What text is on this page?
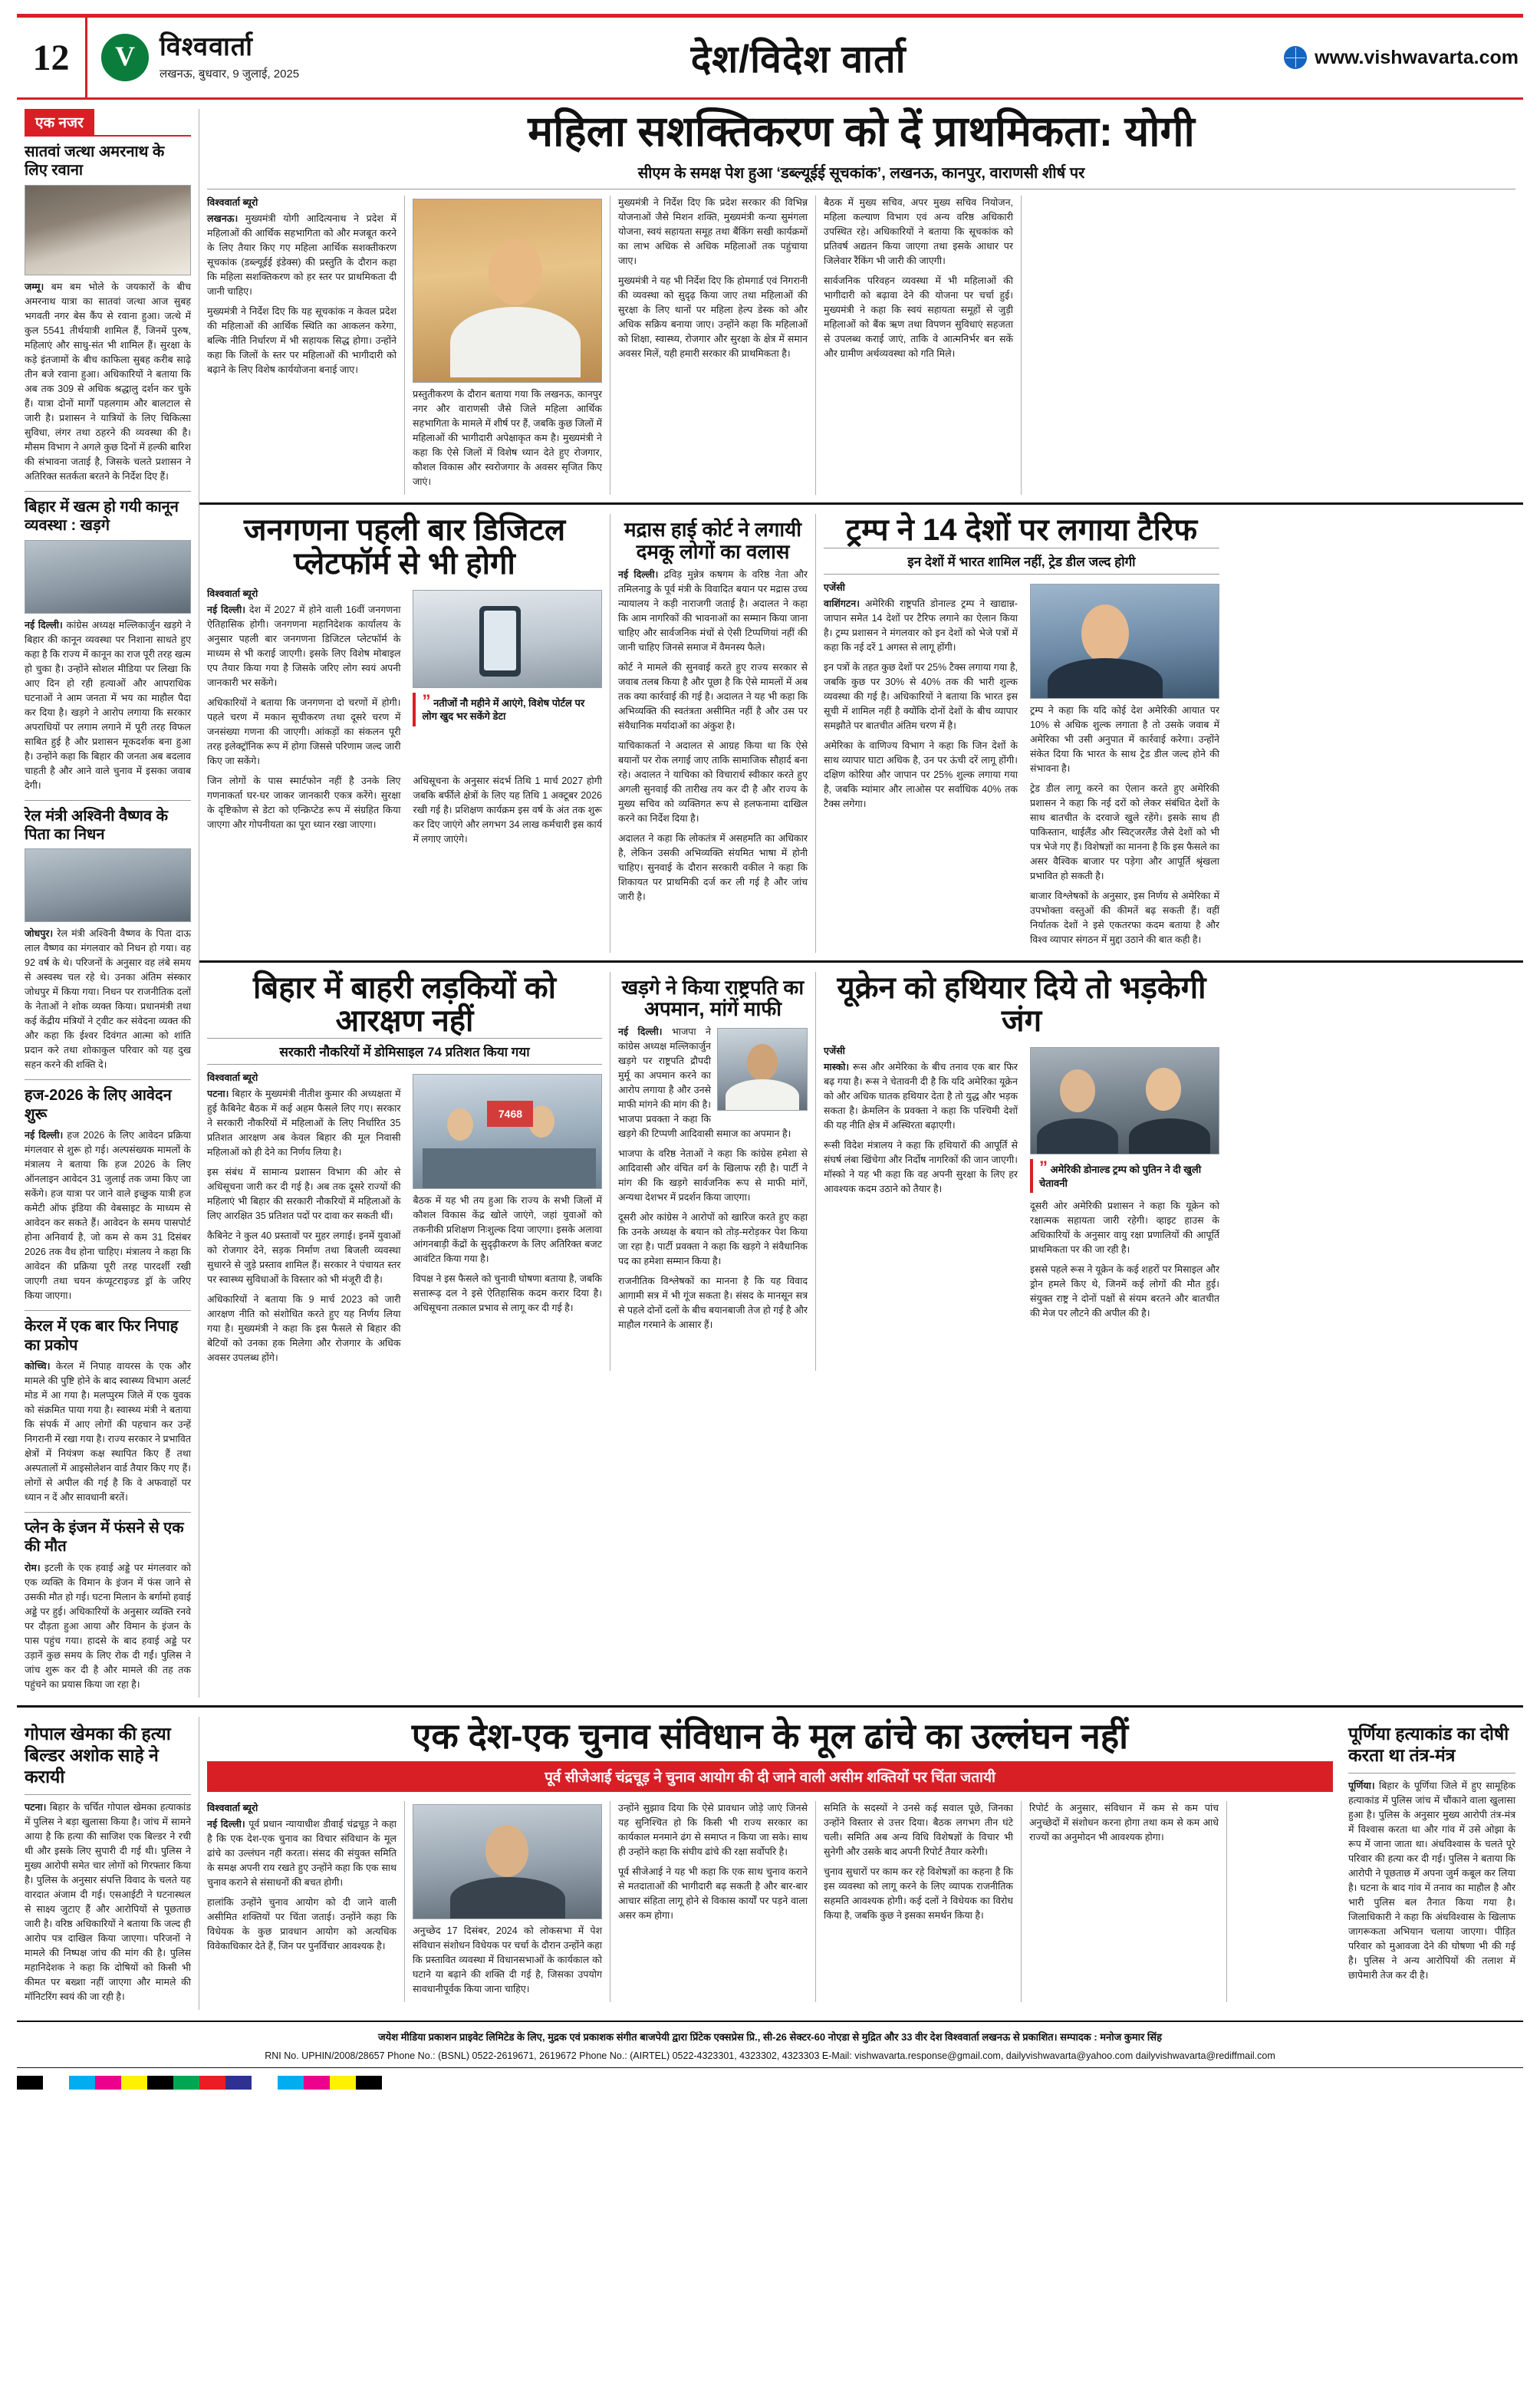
12 V विश्ववार्ता
लखनऊ, बुधवार, 9 जुलाई, 2025	देश/विदेश वार्ता	www.vishwavarta.com
एक नजर
सातवां जत्था अमरनाथ के लिए रवाना

जम्मू। बम बम भोले के जयकारों के बीच अमरनाथ यात्रा का सातवां जत्था आज सुबह भगवती नगर बेस कैंप से रवाना हुआ। जत्थे में कुल 5541 तीर्थयात्री शामिल हैं, जिनमें पुरुष, महिलाएं और साधु-संत भी शामिल हैं। सुरक्षा के कड़े इंतजामों के बीच काफिला सुबह करीब साढ़े तीन बजे रवाना हुआ। अधिकारियों ने बताया कि अब तक 309 से अधिक श्रद्धालु दर्शन कर चुके हैं। यात्रा दोनों मार्गों पहलगाम और बालटाल से जारी है। प्रशासन ने यात्रियों के लिए चिकित्सा सुविधा, लंगर तथा ठहरने की व्यवस्था की है। मौसम विभाग ने अगले कुछ दिनों में हल्की बारिश की संभावना जताई है, जिसके चलते प्रशासन ने अतिरिक्त सतर्कता बरतने के निर्देश दिए हैं।

बिहार में खत्म हो गयी कानून व्यवस्था : खड़गे

नई दिल्ली। कांग्रेस अध्यक्ष मल्लिकार्जुन खड़गे ने बिहार की कानून व्यवस्था पर निशाना साधते हुए कहा है कि राज्य में कानून का राज पूरी तरह खत्म हो चुका है। उन्होंने सोशल मीडिया पर लिखा कि आए दिन हो रही हत्याओं और आपराधिक घटनाओं ने आम जनता में भय का माहौल पैदा कर दिया है। खड़गे ने आरोप लगाया कि सरकार अपराधियों पर लगाम लगाने में पूरी तरह विफल साबित हुई है और प्रशासन मूकदर्शक बना हुआ है। उन्होंने कहा कि बिहार की जनता अब बदलाव चाहती है और आने वाले चुनाव में इसका जवाब देगी।

रेल मंत्री अश्विनी वैष्णव के पिता का निधन

जोधपुर। रेल मंत्री अश्विनी वैष्णव के पिता दाऊ लाल वैष्णव का मंगलवार को निधन हो गया। वह 92 वर्ष के थे। परिजनों के अनुसार वह लंबे समय से अस्वस्थ चल रहे थे। उनका अंतिम संस्कार जोधपुर में किया गया। निधन पर राजनीतिक दलों के नेताओं ने शोक व्यक्त किया। प्रधानमंत्री तथा कई केंद्रीय मंत्रियों ने ट्वीट कर संवेदना व्यक्त की और कहा कि ईश्वर दिवंगत आत्मा को शांति प्रदान करे तथा शोकाकुल परिवार को यह दुख सहन करने की शक्ति दे।

हज-2026 के लिए आवेदन शुरू

नई दिल्ली। हज 2026 के लिए आवेदन प्रक्रिया मंगलवार से शुरू हो गई। अल्पसंख्यक मामलों के मंत्रालय ने बताया कि हज 2026 के लिए ऑनलाइन आवेदन 31 जुलाई तक जमा किए जा सकेंगे। हज यात्रा पर जाने वाले इच्छुक यात्री हज कमेटी ऑफ इंडिया की वेबसाइट के माध्यम से आवेदन कर सकते हैं। आवेदन के समय पासपोर्ट होना अनिवार्य है, जो कम से कम 31 दिसंबर 2026 तक वैध होना चाहिए। मंत्रालय ने कहा कि आवेदन की प्रक्रिया पूरी तरह पारदर्शी रखी जाएगी तथा चयन कंप्यूटराइज्ड ड्रॉ के जरिए किया जाएगा।

केरल में एक बार फिर निपाह का प्रकोप

कोच्चि। केरल में निपाह वायरस के एक और मामले की पुष्टि होने के बाद स्वास्थ्य विभाग अलर्ट मोड में आ गया है। मलप्पुरम जिले में एक युवक को संक्रमित पाया गया है। स्वास्थ्य मंत्री ने बताया कि संपर्क में आए लोगों की पहचान कर उन्हें निगरानी में रखा गया है। राज्य सरकार ने प्रभावित क्षेत्रों में नियंत्रण कक्ष स्थापित किए हैं तथा अस्पतालों में आइसोलेशन वार्ड तैयार किए गए हैं। लोगों से अपील की गई है कि वे अफवाहों पर ध्यान न दें और सावधानी बरतें।

प्लेन के इंजन में फंसने से एक की मौत

रोम। इटली के एक हवाई अड्डे पर मंगलवार को एक व्यक्ति के विमान के इंजन में फंस जाने से उसकी मौत हो गई। घटना मिलान के बर्गामो हवाई अड्डे पर हुई। अधिकारियों के अनुसार व्यक्ति रनवे पर दौड़ता हुआ आया और विमान के इंजन के पास पहुंच गया। हादसे के बाद हवाई अड्डे पर उड़ानें कुछ समय के लिए रोक दी गईं। पुलिस ने जांच शुरू कर दी है और मामले की तह तक पहुंचने का प्रयास किया जा रहा है।

महिला सशक्तिकरण को दें प्राथमिकता: योगी
सीएम के समक्ष पेश हुआ ‘डब्ल्यूईई सूचकांक’, लखनऊ, कानपुर, वाराणसी शीर्ष पर
विश्ववार्ता ब्यूरो

लखनऊ। मुख्यमंत्री योगी आदित्यनाथ ने प्रदेश में महिलाओं की आर्थिक सहभागिता को और मजबूत करने के लिए तैयार किए गए महिला आर्थिक सशक्तीकरण सूचकांक (डब्ल्यूईई इंडेक्स) की प्रस्तुति के दौरान कहा कि महिला सशक्तिकरण को हर स्तर पर प्राथमिकता दी जानी चाहिए।

मुख्यमंत्री ने निर्देश दिए कि यह सूचकांक न केवल प्रदेश की महिलाओं की आर्थिक स्थिति का आकलन करेगा, बल्कि नीति निर्धारण में भी सहायक सिद्ध होगा। उन्होंने कहा कि जिलों के स्तर पर महिलाओं की भागीदारी को बढ़ाने के लिए विशेष कार्ययोजना बनाई जाए।

प्रस्तुतीकरण के दौरान बताया गया कि लखनऊ, कानपुर नगर और वाराणसी जैसे जिले महिला आर्थिक सहभागिता के मामले में शीर्ष पर हैं, जबकि कुछ जिलों में महिलाओं की भागीदारी अपेक्षाकृत कम है। मुख्यमंत्री ने कहा कि ऐसे जिलों में विशेष ध्यान देते हुए रोजगार, कौशल विकास और स्वरोजगार के अवसर सृजित किए जाएं।

मुख्यमंत्री ने निर्देश दिए कि प्रदेश सरकार की विभिन्न योजनाओं जैसे मिशन शक्ति, मुख्यमंत्री कन्या सुमंगला योजना, स्वयं सहायता समूह तथा बैंकिंग सखी कार्यक्रमों का लाभ अधिक से अधिक महिलाओं तक पहुंचाया जाए।

मुख्यमंत्री ने यह भी निर्देश दिए कि होमगार्ड एवं निगरानी की व्यवस्था को सुदृढ़ किया जाए तथा महिलाओं की सुरक्षा के लिए थानों पर महिला हेल्प डेस्क को और अधिक सक्रिय बनाया जाए। उन्होंने कहा कि महिलाओं को शिक्षा, स्वास्थ्य, रोजगार और सुरक्षा के क्षेत्र में समान अवसर मिलें, यही हमारी सरकार की प्राथमिकता है।

बैठक में मुख्य सचिव, अपर मुख्य सचिव नियोजन, महिला कल्याण विभाग एवं अन्य वरिष्ठ अधिकारी उपस्थित रहे। अधिकारियों ने बताया कि सूचकांक को प्रतिवर्ष अद्यतन किया जाएगा तथा इसके आधार पर जिलेवार रैंकिंग भी जारी की जाएगी।

सार्वजनिक परिवहन व्यवस्था में भी महिलाओं की भागीदारी को बढ़ावा देने की योजना पर चर्चा हुई। मुख्यमंत्री ने कहा कि स्वयं सहायता समूहों से जुड़ी महिलाओं को बैंक ऋण तथा विपणन सुविधाएं सहजता से उपलब्ध कराई जाएं, ताकि वे आत्मनिर्भर बन सकें और ग्रामीण अर्थव्यवस्था को गति मिले।

जनगणना पहली बार डिजिटल प्लेटफॉर्म से भी होगी
विश्ववार्ता ब्यूरो

नई दिल्ली। देश में 2027 में होने वाली 16वीं जनगणना ऐतिहासिक होगी। जनगणना महानिदेशक कार्यालय के अनुसार पहली बार जनगणना डिजिटल प्लेटफॉर्म के माध्यम से भी कराई जाएगी। इसके लिए विशेष मोबाइल एप तैयार किया गया है जिसके जरिए लोग स्वयं अपनी जानकारी भर सकेंगे।

अधिकारियों ने बताया कि जनगणना दो चरणों में होगी। पहले चरण में मकान सूचीकरण तथा दूसरे चरण में जनसंख्या गणना की जाएगी। आंकड़ों का संकलन पूरी तरह इलेक्ट्रॉनिक रूप में होगा जिससे परिणाम जल्द जारी किए जा सकेंगे।

” नतीजों नौ महीने में आएंगे, विशेष पोर्टल पर लोग खुद भर सकेंगे डेटा

जिन लोगों के पास स्मार्टफोन नहीं है उनके लिए गणनाकर्ता घर-घर जाकर जानकारी एकत्र करेंगे। सुरक्षा के दृष्टिकोण से डेटा को एन्क्रिप्टेड रूप में संग्रहित किया जाएगा और गोपनीयता का पूरा ध्यान रखा जाएगा।

अधिसूचना के अनुसार संदर्भ तिथि 1 मार्च 2027 होगी जबकि बर्फीले क्षेत्रों के लिए यह तिथि 1 अक्टूबर 2026 रखी गई है। प्रशिक्षण कार्यक्रम इस वर्ष के अंत तक शुरू कर दिए जाएंगे और लगभग 34 लाख कर्मचारी इस कार्य में लगाए जाएंगे।

मद्रास हाई कोर्ट ने लगायी दमकू लोगों का वलास

नई दिल्ली। द्रविड़ मुन्नेत्र कषगम के वरिष्ठ नेता और तमिलनाडु के पूर्व मंत्री के विवादित बयान पर मद्रास उच्च न्यायालय ने कड़ी नाराजगी जताई है। अदालत ने कहा कि आम नागरिकों की भावनाओं का सम्मान किया जाना चाहिए और सार्वजनिक मंचों से ऐसी टिप्पणियां नहीं की जानी चाहिए जिनसे समाज में वैमनस्य फैले।

कोर्ट ने मामले की सुनवाई करते हुए राज्य सरकार से जवाब तलब किया है और पूछा है कि ऐसे मामलों में अब तक क्या कार्रवाई की गई है। अदालत ने यह भी कहा कि अभिव्यक्ति की स्वतंत्रता असीमित नहीं है और उस पर संवैधानिक मर्यादाओं का अंकुश है।

याचिकाकर्ता ने अदालत से आग्रह किया था कि ऐसे बयानों पर रोक लगाई जाए ताकि सामाजिक सौहार्द बना रहे। अदालत ने याचिका को विचारार्थ स्वीकार करते हुए अगली सुनवाई की तारीख तय कर दी है और राज्य के मुख्य सचिव को व्यक्तिगत रूप से हलफनामा दाखिल करने का निर्देश दिया है।

अदालत ने कहा कि लोकतंत्र में असहमति का अधिकार है, लेकिन उसकी अभिव्यक्ति संयमित भाषा में होनी चाहिए। सुनवाई के दौरान सरकारी वकील ने कहा कि शिकायत पर प्राथमिकी दर्ज कर ली गई है और जांच जारी है।

ट्रम्प ने 14 देशों पर लगाया टैरिफ
इन देशों में भारत शामिल नहीं, ट्रेड डील जल्द होगी
एजेंसी

वाशिंगटन। अमेरिकी राष्ट्रपति डोनाल्ड ट्रम्प ने खाद्यान्न-जापान समेत 14 देशों पर टैरिफ लगाने का ऐलान किया है। ट्रम्प प्रशासन ने मंगलवार को इन देशों को भेजे पत्रों में कहा कि नई दरें 1 अगस्त से लागू होंगी।

इन पत्रों के तहत कुछ देशों पर 25% टैक्स लगाया गया है, जबकि कुछ पर 30% से 40% तक की भारी शुल्क व्यवस्था की गई है। अधिकारियों ने बताया कि भारत इस सूची में शामिल नहीं है क्योंकि दोनों देशों के बीच व्यापार समझौते पर बातचीत अंतिम चरण में है।

अमेरिका के वाणिज्य विभाग ने कहा कि जिन देशों के साथ व्यापार घाटा अधिक है, उन पर ऊंची दरें लागू होंगी। दक्षिण कोरिया और जापान पर 25% शुल्क लगाया गया है, जबकि म्यांमार और लाओस पर सर्वाधिक 40% तक टैक्स लगेगा।

ट्रम्प ने कहा कि यदि कोई देश अमेरिकी आयात पर 10% से अधिक शुल्क लगाता है तो उसके जवाब में अमेरिका भी उसी अनुपात में कार्रवाई करेगा। उन्होंने संकेत दिया कि भारत के साथ ट्रेड डील जल्द होने की संभावना है।

ट्रेड डील लागू करने का ऐलान करते हुए अमेरिकी प्रशासन ने कहा कि नई दरों को लेकर संबंधित देशों के साथ बातचीत के दरवाजे खुले रहेंगे। इसके साथ ही पाकिस्तान, थाईलैंड और स्विट्जरलैंड जैसे देशों को भी पत्र भेजे गए हैं। विशेषज्ञों का मानना है कि इस फैसले का असर वैश्विक बाजार पर पड़ेगा और आपूर्ति श्रृंखला प्रभावित हो सकती है।

बाजार विश्लेषकों के अनुसार, इस निर्णय से अमेरिका में उपभोक्ता वस्तुओं की कीमतें बढ़ सकती हैं। वहीं निर्यातक देशों ने इसे एकतरफा कदम बताया है और विश्व व्यापार संगठन में मुद्दा उठाने की बात कही है।

बिहार में बाहरी लड़कियों को आरक्षण नहीं
सरकारी नौकरियों में डोमिसाइल 74 प्रतिशत किया गया
विश्ववार्ता ब्यूरो

पटना। बिहार के मुख्यमंत्री नीतीश कुमार की अध्यक्षता में हुई कैबिनेट बैठक में कई अहम फैसले लिए गए। सरकार ने सरकारी नौकरियों में महिलाओं के लिए निर्धारित 35 प्रतिशत आरक्षण अब केवल बिहार की मूल निवासी महिलाओं को ही देने का निर्णय लिया है।

इस संबंध में सामान्य प्रशासन विभाग की ओर से अधिसूचना जारी कर दी गई है। अब तक दूसरे राज्यों की महिलाएं भी बिहार की सरकारी नौकरियों में महिलाओं के लिए आरक्षित 35 प्रतिशत पदों पर दावा कर सकती थीं।

कैबिनेट ने कुल 40 प्रस्तावों पर मुहर लगाई। इनमें युवाओं को रोजगार देने, सड़क निर्माण तथा बिजली व्यवस्था सुधारने से जुड़े प्रस्ताव शामिल हैं। सरकार ने पंचायत स्तर पर स्वास्थ्य सुविधाओं के विस्तार को भी मंजूरी दी है।

अधिकारियों ने बताया कि 9 मार्च 2023 को जारी आरक्षण नीति को संशोधित करते हुए यह निर्णय लिया गया है। मुख्यमंत्री ने कहा कि इस फैसले से बिहार की बेटियों को उनका हक मिलेगा और रोजगार के अधिक अवसर उपलब्ध होंगे।

7468

बैठक में यह भी तय हुआ कि राज्य के सभी जिलों में कौशल विकास केंद्र खोले जाएंगे, जहां युवाओं को तकनीकी प्रशिक्षण निःशुल्क दिया जाएगा। इसके अलावा आंगनबाड़ी केंद्रों के सुदृढ़ीकरण के लिए अतिरिक्त बजट आवंटित किया गया है।

विपक्ष ने इस फैसले को चुनावी घोषणा बताया है, जबकि सत्तारूढ़ दल ने इसे ऐतिहासिक कदम करार दिया है। अधिसूचना तत्काल प्रभाव से लागू कर दी गई है।

खड़गे ने किया राष्ट्रपति का अपमान, मांगें माफी

नई दिल्ली। भाजपा ने कांग्रेस अध्यक्ष मल्लिकार्जुन खड़गे पर राष्ट्रपति द्रौपदी मुर्मू का अपमान करने का आरोप लगाया है और उनसे माफी मांगने की मांग की है। भाजपा प्रवक्ता ने कहा कि खड़गे की टिप्पणी आदिवासी समाज का अपमान है।

भाजपा के वरिष्ठ नेताओं ने कहा कि कांग्रेस हमेशा से आदिवासी और वंचित वर्ग के खिलाफ रही है। पार्टी ने मांग की कि खड़गे सार्वजनिक रूप से माफी मांगें, अन्यथा देशभर में प्रदर्शन किया जाएगा।

दूसरी ओर कांग्रेस ने आरोपों को खारिज करते हुए कहा कि उनके अध्यक्ष के बयान को तोड़-मरोड़कर पेश किया जा रहा है। पार्टी प्रवक्ता ने कहा कि खड़गे ने संवैधानिक पद का हमेशा सम्मान किया है।

राजनीतिक विश्लेषकों का मानना है कि यह विवाद आगामी सत्र में भी गूंज सकता है। संसद के मानसून सत्र से पहले दोनों दलों के बीच बयानबाजी तेज हो गई है और माहौल गरमाने के आसार हैं।

यूक्रेन को हथियार दिये तो भड़केगी जंग
एजेंसी

मास्को। रूस और अमेरिका के बीच तनाव एक बार फिर बढ़ गया है। रूस ने चेतावनी दी है कि यदि अमेरिका यूक्रेन को और अधिक घातक हथियार देता है तो युद्ध और भड़क सकता है। क्रेमलिन के प्रवक्ता ने कहा कि पश्चिमी देशों की यह नीति क्षेत्र में अस्थिरता बढ़ाएगी।

रूसी विदेश मंत्रालय ने कहा कि हथियारों की आपूर्ति से संघर्ष लंबा खिंचेगा और निर्दोष नागरिकों की जान जाएगी। मॉस्को ने यह भी कहा कि वह अपनी सुरक्षा के लिए हर आवश्यक कदम उठाने को तैयार है।

” अमेरिकी डोनाल्ड ट्रम्प को पुतिन ने दी खुली चेतावनी

दूसरी ओर अमेरिकी प्रशासन ने कहा कि यूक्रेन को रक्षात्मक सहायता जारी रहेगी। व्हाइट हाउस के अधिकारियों के अनुसार वायु रक्षा प्रणालियों की आपूर्ति प्राथमिकता पर की जा रही है।

इससे पहले रूस ने यूक्रेन के कई शहरों पर मिसाइल और ड्रोन हमले किए थे, जिनमें कई लोगों की मौत हुई। संयुक्त राष्ट्र ने दोनों पक्षों से संयम बरतने और बातचीत की मेज पर लौटने की अपील की है।

गोपाल खेमका की हत्या बिल्डर अशोक साहे ने करायी

पटना। बिहार के चर्चित गोपाल खेमका हत्याकांड में पुलिस ने बड़ा खुलासा किया है। जांच में सामने आया है कि हत्या की साजिश एक बिल्डर ने रची थी और इसके लिए सुपारी दी गई थी। पुलिस ने मुख्य आरोपी समेत चार लोगों को गिरफ्तार किया है। पुलिस के अनुसार संपत्ति विवाद के चलते यह वारदात अंजाम दी गई। एसआईटी ने घटनास्थल से साक्ष्य जुटाए हैं और आरोपियों से पूछताछ जारी है। वरिष्ठ अधिकारियों ने बताया कि जल्द ही आरोप पत्र दाखिल किया जाएगा। परिजनों ने मामले की निष्पक्ष जांच की मांग की है। पुलिस महानिदेशक ने कहा कि दोषियों को किसी भी कीमत पर बख्शा नहीं जाएगा और मामले की मॉनिटरिंग स्वयं की जा रही है।

एक देश-एक चुनाव संविधान के मूल ढांचे का उल्लंघन नहीं
पूर्व सीजेआई चंद्रचूड़ ने चुनाव आयोग की दी जाने वाली असीम शक्तियों पर चिंता जतायी
विश्ववार्ता ब्यूरो

नई दिल्ली। पूर्व प्रधान न्यायाधीश डीवाई चंद्रचूड़ ने कहा है कि एक देश-एक चुनाव का विचार संविधान के मूल ढांचे का उल्लंघन नहीं करता। संसद की संयुक्त समिति के समक्ष अपनी राय रखते हुए उन्होंने कहा कि एक साथ चुनाव कराने से संसाधनों की बचत होगी।

हालांकि उन्होंने चुनाव आयोग को दी जाने वाली असीमित शक्तियों पर चिंता जताई। उन्होंने कहा कि विधेयक के कुछ प्रावधान आयोग को अत्यधिक विवेकाधिकार देते हैं, जिन पर पुनर्विचार आवश्यक है।

अनुच्छेद 17 दिसंबर, 2024 को लोकसभा में पेश संविधान संशोधन विधेयक पर चर्चा के दौरान उन्होंने कहा कि प्रस्तावित व्यवस्था में विधानसभाओं के कार्यकाल को घटाने या बढ़ाने की शक्ति दी गई है, जिसका उपयोग सावधानीपूर्वक किया जाना चाहिए।

उन्होंने सुझाव दिया कि ऐसे प्रावधान जोड़े जाएं जिनसे यह सुनिश्चित हो कि किसी भी राज्य सरकार का कार्यकाल मनमाने ढंग से समाप्त न किया जा सके। साथ ही उन्होंने कहा कि संघीय ढांचे की रक्षा सर्वोपरि है।

पूर्व सीजेआई ने यह भी कहा कि एक साथ चुनाव कराने से मतदाताओं की भागीदारी बढ़ सकती है और बार-बार आचार संहिता लागू होने से विकास कार्यों पर पड़ने वाला असर कम होगा।

समिति के सदस्यों ने उनसे कई सवाल पूछे, जिनका उन्होंने विस्तार से उत्तर दिया। बैठक लगभग तीन घंटे चली। समिति अब अन्य विधि विशेषज्ञों के विचार भी सुनेगी और उसके बाद अपनी रिपोर्ट तैयार करेगी।

चुनाव सुधारों पर काम कर रहे विशेषज्ञों का कहना है कि इस व्यवस्था को लागू करने के लिए व्यापक राजनीतिक सहमति आवश्यक होगी। कई दलों ने विधेयक का विरोध किया है, जबकि कुछ ने इसका समर्थन किया है।

रिपोर्ट के अनुसार, संविधान में कम से कम पांच अनुच्छेदों में संशोधन करना होगा तथा कम से कम आधे राज्यों का अनुमोदन भी आवश्यक होगा।

पूर्णिया हत्याकांड का दोषी करता था तंत्र-मंत्र

पूर्णिया। बिहार के पूर्णिया जिले में हुए सामूहिक हत्याकांड में पुलिस जांच में चौंकाने वाला खुलासा हुआ है। पुलिस के अनुसार मुख्य आरोपी तंत्र-मंत्र में विश्वास करता था और गांव में उसे ओझा के रूप में जाना जाता था। अंधविश्वास के चलते पूरे परिवार की हत्या कर दी गई। पुलिस ने बताया कि आरोपी ने पूछताछ में अपना जुर्म कबूल कर लिया है। घटना के बाद गांव में तनाव का माहौल है और भारी पुलिस बल तैनात किया गया है। जिलाधिकारी ने कहा कि अंधविश्वास के खिलाफ जागरूकता अभियान चलाया जाएगा। पीड़ित परिवार को मुआवजा देने की घोषणा भी की गई है। पुलिस ने अन्य आरोपियों की तलाश में छापेमारी तेज कर दी है।

जयेश मीडिया प्रकाशन प्राइवेट लिमिटेड के लिए, मुद्रक एवं प्रकाशक संगीत बाजपेयी द्वारा प्रिंटेक एक्सप्रेस प्रि., सी-26 सेक्टर-60 नोएडा से मुद्रित और 33 वीर देश विश्ववार्ता लखनऊ से प्रकाशित। सम्पादक : मनोज कुमार सिंह
RNI No. UPHIN/2008/28657 Phone No.: (BSNL) 0522-2619671, 2619672 Phone No.: (AIRTEL) 0522-4323301, 4323302, 4323303 E-Mail: vishwavarta.response@gmail.com, dailyvishwavarta@yahoo.com dailyvishwavarta@rediffmail.com
